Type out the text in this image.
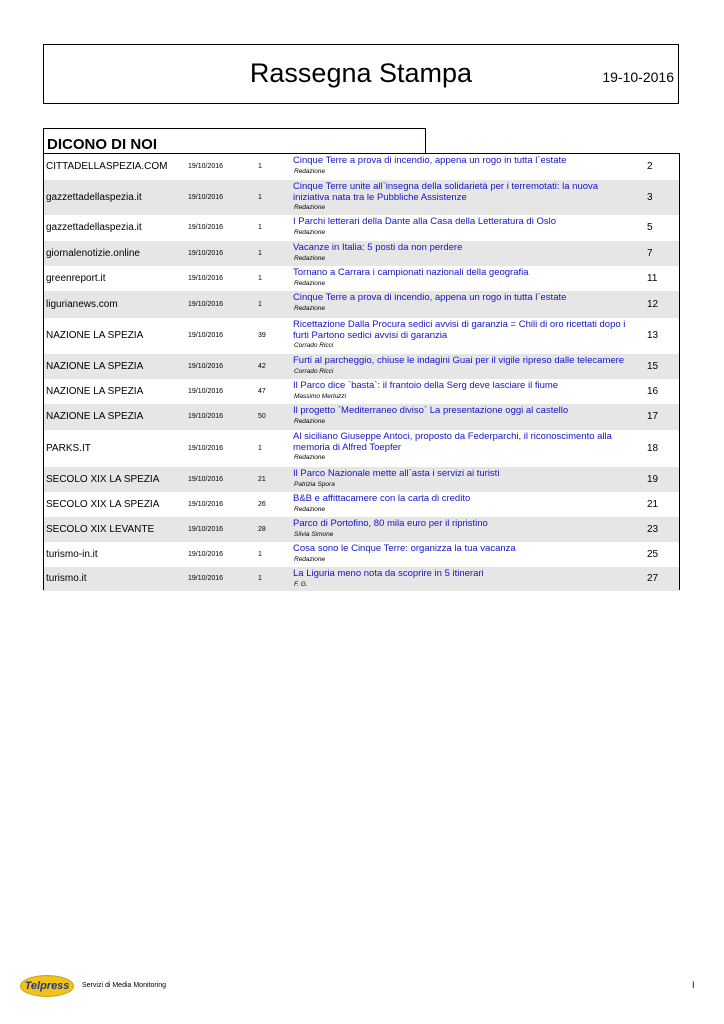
Rassegna Stampa	19-10-2016
DICONO DI NOI
CITTADELLASPEZIA.COM	19/10/2016	1
Cinque Terre a prova di incendio, appena un rogo in tutta l`estate
Redazione	2
gazzettadellaspezia.it	19/10/2016	1
Cinque Terre unite all`insegna della solidarietà per i terremotati: la nuova
iniziativa nata tra le Pubbliche Assistenze
Redazione
3
gazzettadellaspezia.it	19/10/2016	1
I Parchi letterari della Dante alla Casa della Letteratura di Oslo
Redazione	5
giornalenotizie.online	19/10/2016	1
Vacanze in Italia: 5 posti da non perdere
Redazione	7
greenreport.it	19/10/2016	1
Tornano a Carrara i campionati nazionali della geografia
Redazione	11
ligurianews.com	19/10/2016	1
Cinque Terre a prova di incendio, appena un rogo in tutta l`estate
Redazione	12
NAZIONE LA SPEZIA	19/10/2016	39
Ricettazione Dalla Procura sedici avvisi di garanzia = Chili di oro ricettati dopo i
furti Partono sedici avvisi di garanzia
Corrado Ricci
13
NAZIONE LA SPEZIA	19/10/2016	42
Furti al parcheggio, chiuse le indagini Guai per il vigile ripreso dalle telecamere
Corrado Ricci	15
NAZIONE LA SPEZIA	19/10/2016	47
Il Parco dice `basta`: il frantoio della Serg deve lasciare il fiume
Massimo Merluzzi	16
NAZIONE LA SPEZIA	19/10/2016	50
Il progetto `Mediterraneo diviso` La presentazione oggi al castello
Redazione	17
PARKS.IT	19/10/2016	1
Al siciliano Giuseppe Antoci, proposto da Federparchi, il riconoscimento alla
memoria di Alfred Toepfer
Redazione
18
SECOLO XIX LA SPEZIA	19/10/2016	21
Il Parco Nazionale mette all`asta i servizi ai turisti
Patrizia Spora	19
SECOLO XIX LA SPEZIA	19/10/2016	26
B&B e affittacamere con la carta di credito
Redazione	21
SECOLO XIX LEVANTE	19/10/2016	28
Parco di Portofino, 80 mila euro per il ripristino
Silvia Simone	23
turismo-in.it	19/10/2016	1
Cosa sono le Cinque Terre: organizza la tua vacanza
Redazione	25
turismo.it	19/10/2016	1	La Liguria meno nota da scoprire in 5 itinerari
F. G.	27
Telpress	Servizi di Media Monitoring	I
